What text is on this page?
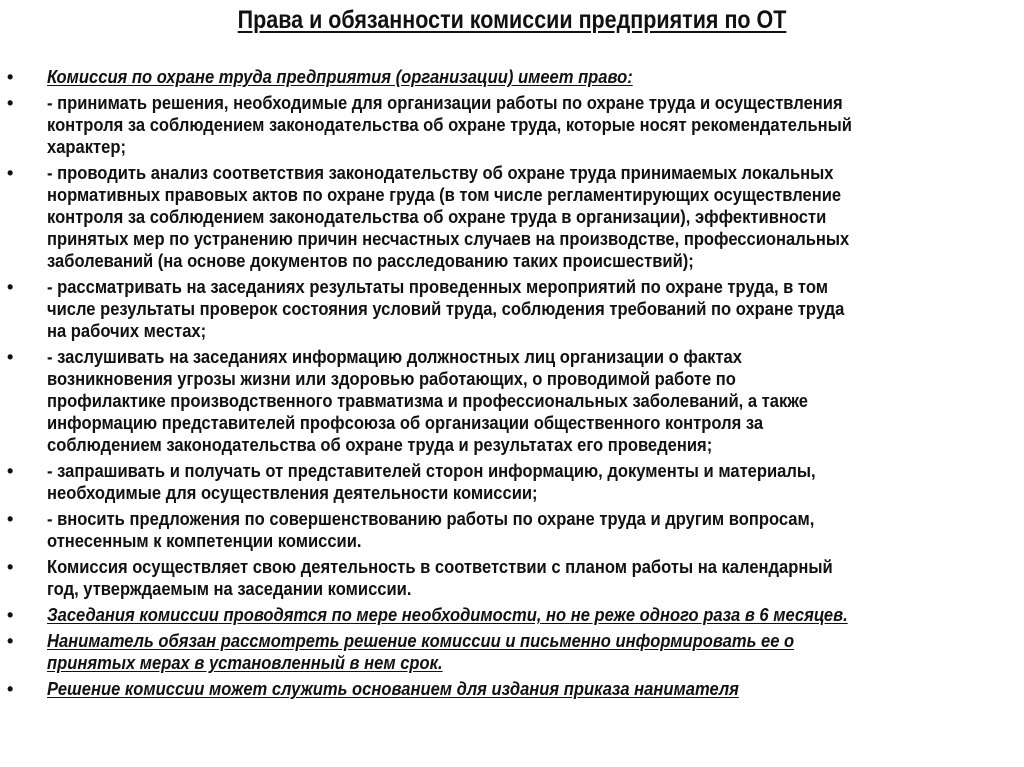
Права и обязанности комиссии предприятия по ОТ
• Комиссия по охране труда предприятия (организации) имеет право:
• - принимать решения, необходимые для организации работы по охране труда и осуществления
контроля за соблюдением законодательства об охране труда, которые носят рекомендательный
характер;
• - проводить анализ соответствия законодательству об охране труда принимаемых локальных
нормативных правовых актов по охране груда (в том числе регламентирующих осуществление
контроля за соблюдением законодательства об охране труда в организации), эффективности
принятых мер по устранению причин несчастных случаев на производстве, профессиональных
заболеваний (на основе документов по расследованию таких происшествий);
• - рассматривать на заседаниях результаты проведенных мероприятий по охране труда, в том
числе результаты проверок состояния условий труда, соблюдения требований по охране труда
на рабочих местах;
• - заслушивать на заседаниях информацию должностных лиц организации о фактах
возникновения угрозы жизни или здоровью работающих, о проводимой работе по
профилактике производственного травматизма и профессиональных заболеваний, а также
информацию представителей профсоюза об организации общественного контроля за
соблюдением законодательства об охране труда и результатах его проведения;
• - запрашивать и получать от представителей сторон информацию, документы и материалы,
необходимые для осуществления деятельности комиссии;
• - вносить предложения по совершенствованию работы по охране труда и другим вопросам,
отнесенным к компетенции комиссии.
• Комиссия осуществляет свою деятельность в соответствии с планом работы на календарный
год, утверждаемым на заседании комиссии.
• Заседания комиссии проводятся по мере необходимости, но не реже одного раза в 6 месяцев.
• Наниматель обязан рассмотреть решение комиссии и письменно информировать ее о
принятых мерах в установленный в нем срок.
• Решение комиссии может служить основанием для издания приказа нанимателя
